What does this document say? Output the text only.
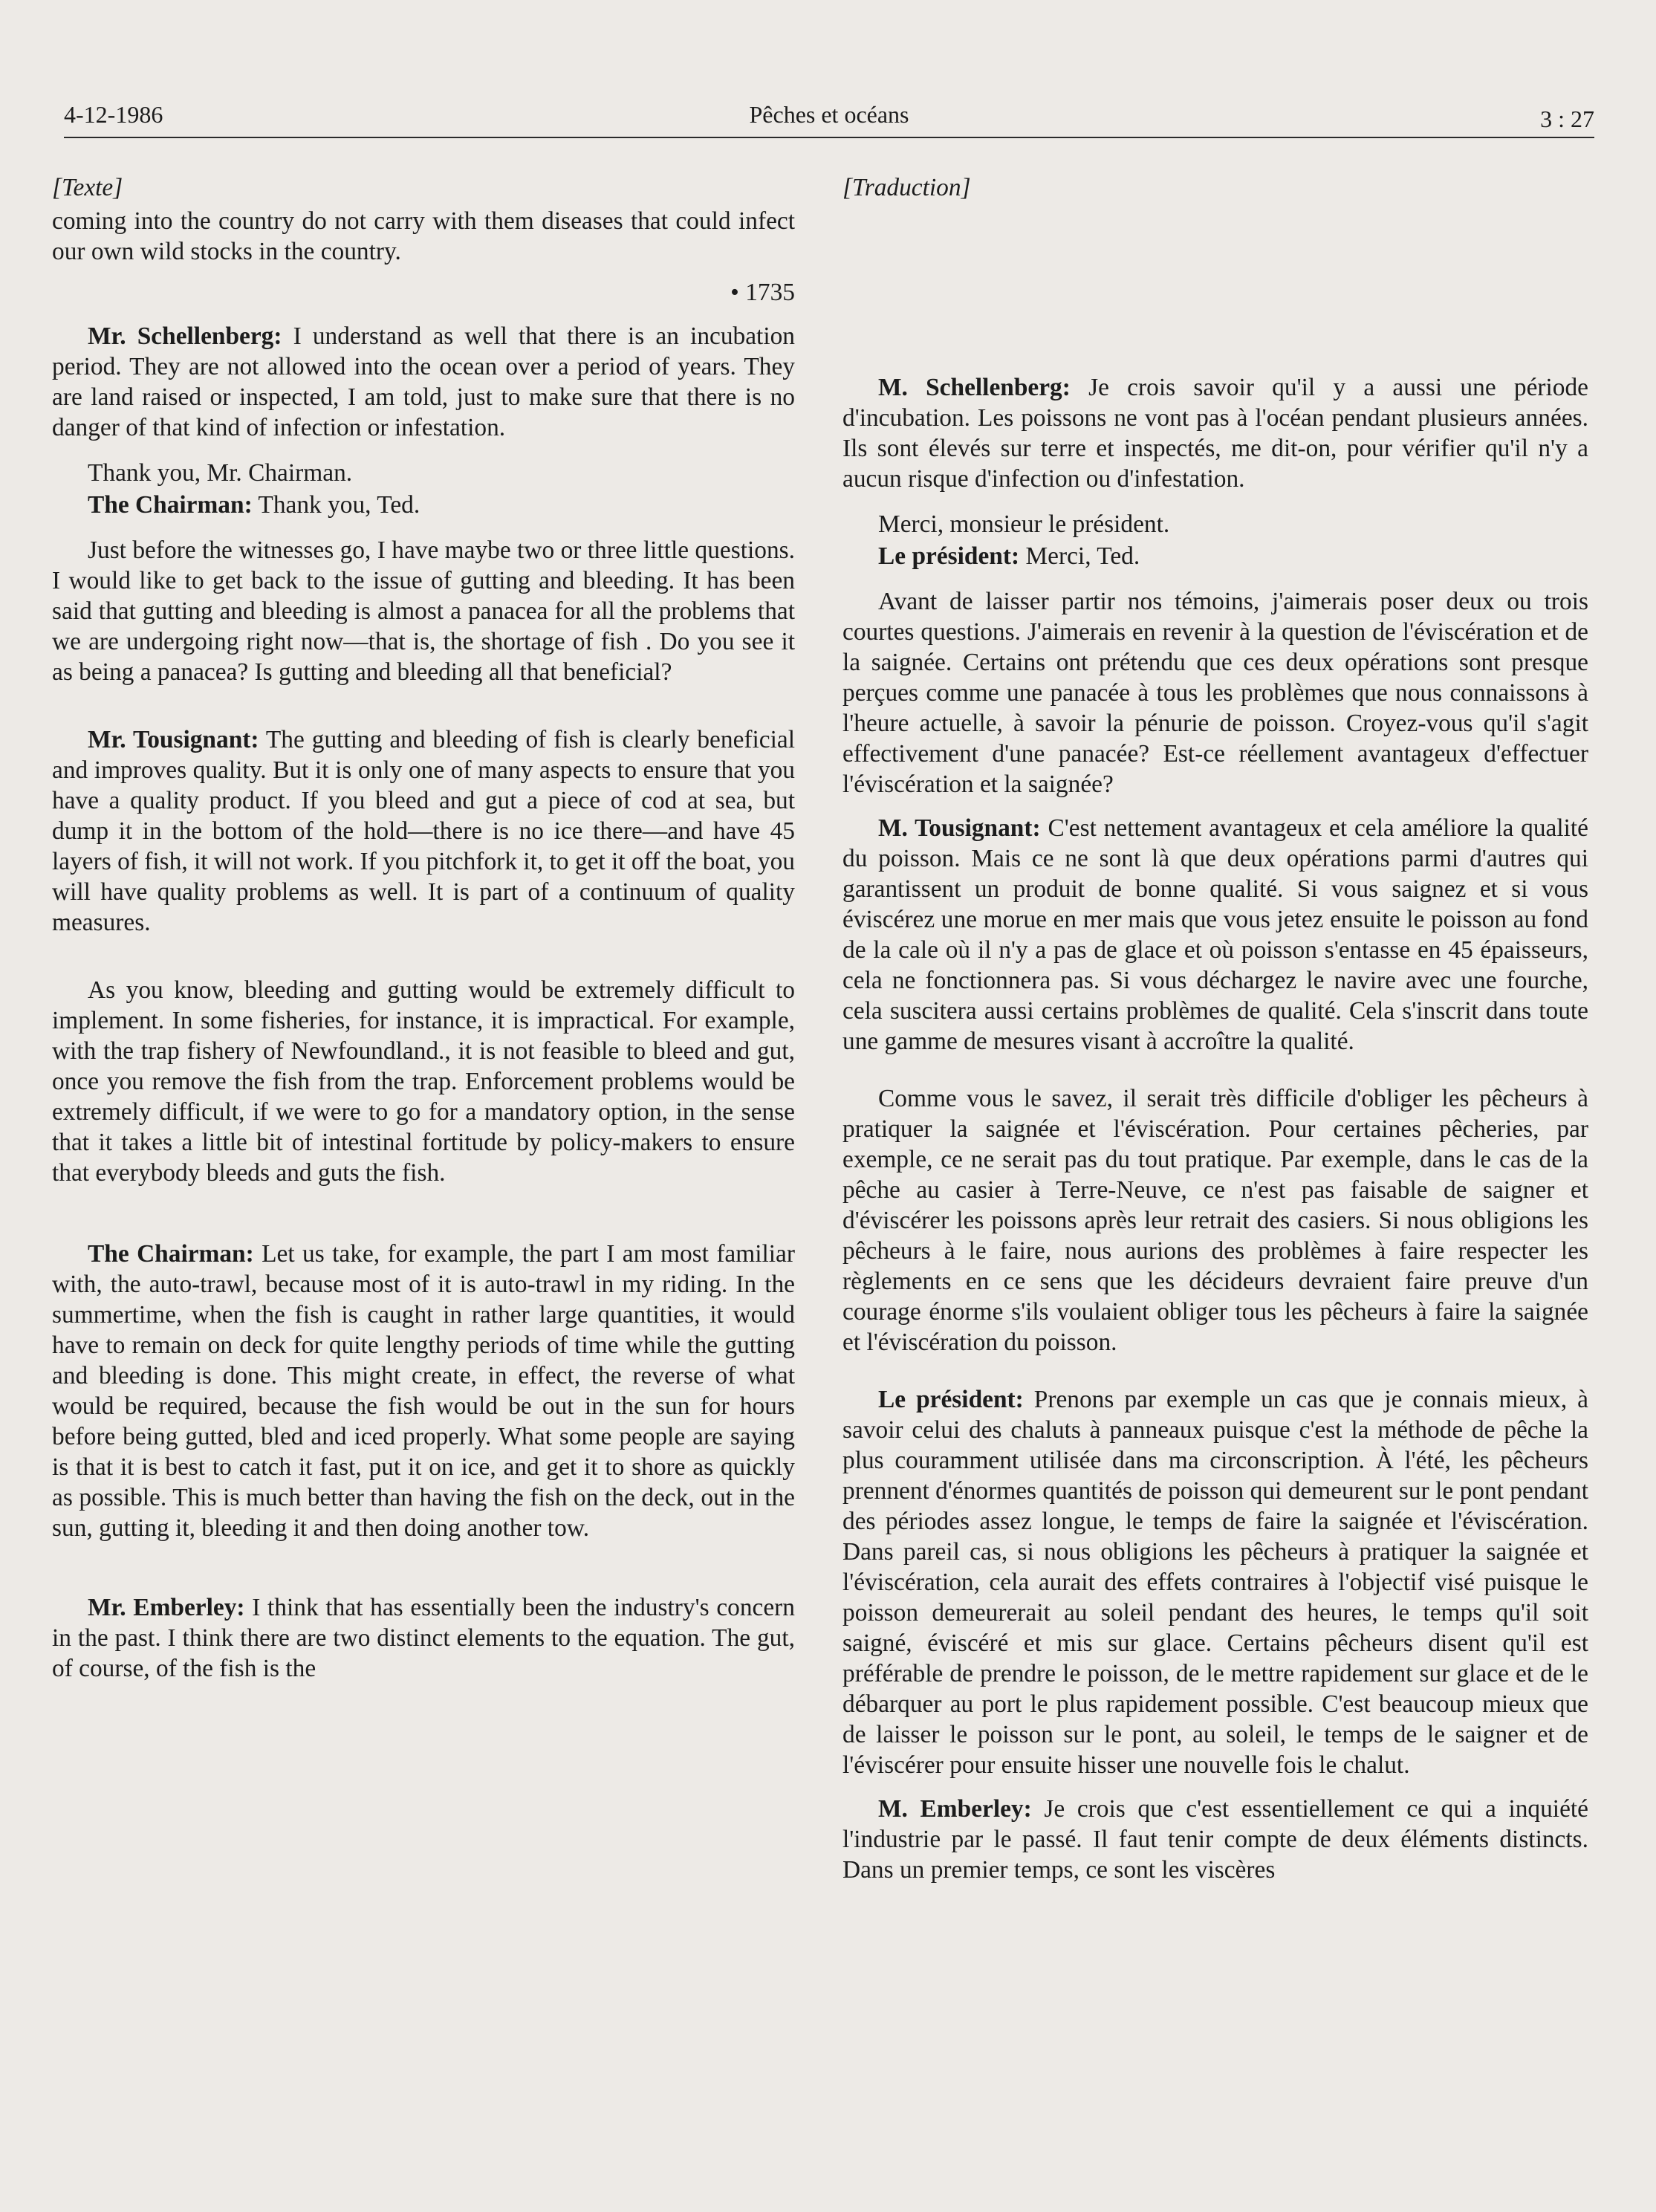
4-12-1986	Pêches et océans	3 : 27

[Texte]

coming into the country do not carry with them diseases that could infect our own wild stocks in the country.

• 1735

Mr. Schellenberg: I understand as well that there is an incubation period. They are not allowed into the ocean over a period of years. They are land raised or inspected, I am told, just to make sure that there is no danger of that kind of infection or infestation.

Thank you, Mr. Chairman.

The Chairman: Thank you, Ted.

Just before the witnesses go, I have maybe two or three little questions. I would like to get back to the issue of gutting and bleeding. It has been said that gutting and bleeding is almost a panacea for all the problems that we are undergoing right now—that is, the shortage of fish . Do you see it as being a panacea? Is gutting and bleeding all that beneficial?

Mr. Tousignant: The gutting and bleeding of fish is clearly beneficial and improves quality. But it is only one of many aspects to ensure that you have a quality product. If you bleed and gut a piece of cod at sea, but dump it in the bottom of the hold—there is no ice there—and have 45 layers of fish, it will not work. If you pitchfork it, to get it off the boat, you will have quality problems as well. It is part of a continuum of quality measures.

As you know, bleeding and gutting would be extremely difficult to implement. In some fisheries, for instance, it is impractical. For example, with the trap fishery of Newfoundland., it is not feasible to bleed and gut, once you remove the fish from the trap. Enforcement problems would be extremely difficult, if we were to go for a mandatory option, in the sense that it takes a little bit of intestinal fortitude by policy-makers to ensure that everybody bleeds and guts the fish.

The Chairman: Let us take, for example, the part I am most familiar with, the auto-trawl, because most of it is auto-trawl in my riding. In the summertime, when the fish is caught in rather large quantities, it would have to remain on deck for quite lengthy periods of time while the gutting and bleeding is done. This might create, in effect, the reverse of what would be required, because the fish would be out in the sun for hours before being gutted, bled and iced properly. What some people are saying is that it is best to catch it fast, put it on ice, and get it to shore as quickly as possible. This is much better than having the fish on the deck, out in the sun, gutting it, bleeding it and then doing another tow.

Mr. Emberley: I think that has essentially been the industry's concern in the past. I think there are two distinct elements to the equation. The gut, of course, of the fish is the

[Traduction]

M. Schellenberg: Je crois savoir qu'il y a aussi une période d'incubation. Les poissons ne vont pas à l'océan pendant plusieurs années. Ils sont élevés sur terre et inspectés, me dit-on, pour vérifier qu'il n'y a aucun risque d'infection ou d'infestation.

Merci, monsieur le président.

Le président: Merci, Ted.

Avant de laisser partir nos témoins, j'aimerais poser deux ou trois courtes questions. J'aimerais en revenir à la question de l'éviscération et de la saignée. Certains ont prétendu que ces deux opérations sont presque perçues comme une panacée à tous les problèmes que nous connaissons à l'heure actuelle, à savoir la pénurie de poisson. Croyez-vous qu'il s'agit effectivement d'une panacée? Est-ce réellement avantageux d'effectuer l'éviscération et la saignée?

M. Tousignant: C'est nettement avantageux et cela améliore la qualité du poisson. Mais ce ne sont là que deux opérations parmi d'autres qui garantissent un produit de bonne qualité. Si vous saignez et si vous éviscérez une morue en mer mais que vous jetez ensuite le poisson au fond de la cale où il n'y a pas de glace et où poisson s'entasse en 45 épaisseurs, cela ne fonctionnera pas. Si vous déchargez le navire avec une fourche, cela suscitera aussi certains problèmes de qualité. Cela s'inscrit dans toute une gamme de mesures visant à accroître la qualité.

Comme vous le savez, il serait très difficile d'obliger les pêcheurs à pratiquer la saignée et l'éviscération. Pour certaines pêcheries, par exemple, ce ne serait pas du tout pratique. Par exemple, dans le cas de la pêche au casier à Terre-Neuve, ce n'est pas faisable de saigner et d'éviscérer les poissons après leur retrait des casiers. Si nous obligions les pêcheurs à le faire, nous aurions des problèmes à faire respecter les règlements en ce sens que les décideurs devraient faire preuve d'un courage énorme s'ils voulaient obliger tous les pêcheurs à faire la saignée et l'éviscération du poisson.

Le président: Prenons par exemple un cas que je connais mieux, à savoir celui des chaluts à panneaux puisque c'est la méthode de pêche la plus couramment utilisée dans ma circonscription. À l'été, les pêcheurs prennent d'énormes quantités de poisson qui demeurent sur le pont pendant des périodes assez longue, le temps de faire la saignée et l'éviscération. Dans pareil cas, si nous obligions les pêcheurs à pratiquer la saignée et l'éviscération, cela aurait des effets contraires à l'objectif visé puisque le poisson demeurerait au soleil pendant des heures, le temps qu'il soit saigné, éviscéré et mis sur glace. Certains pêcheurs disent qu'il est préférable de prendre le poisson, de le mettre rapidement sur glace et de le débarquer au port le plus rapidement possible. C'est beaucoup mieux que de laisser le poisson sur le pont, au soleil, le temps de le saigner et de l'éviscérer pour ensuite hisser une nouvelle fois le chalut.

M. Emberley: Je crois que c'est essentiellement ce qui a inquiété l'industrie par le passé. Il faut tenir compte de deux éléments distincts. Dans un premier temps, ce sont les viscères
